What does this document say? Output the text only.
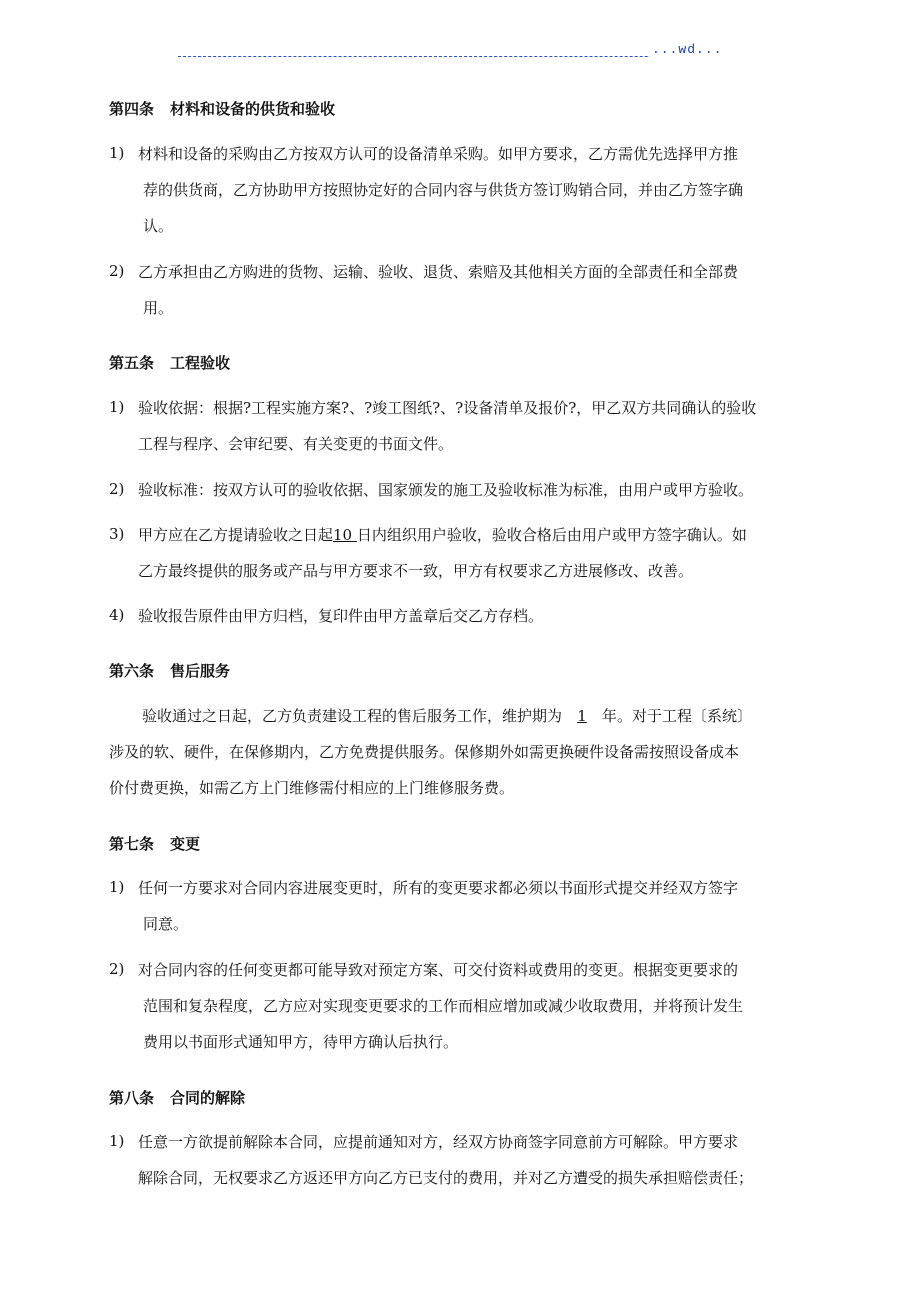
...wd...
第四条 材料和设备的供货和验收
1) 材料和设备的采购由乙方按双方认可的设备清单采购。如甲方要求，乙方需优先选择甲方推
荐的供货商，乙方协助甲方按照协定好的合同内容与供货方签订购销合同，并由乙方签字确
认。
2) 乙方承担由乙方购进的货物、运输、验收、退货、索赔及其他相关方面的全部责任和全部费
用。
第五条 工程验收
1) 验收依据：根据?工程实施方案?、?竣工图纸?、?设备清单及报价?，甲乙双方共同确认的验收
工程与程序、会审纪要、有关变更的书面文件。
2) 验收标准：按双方认可的验收依据、国家颁发的施工及验收标准为标准，由用户或甲方验收。
3) 甲方应在乙方提请验收之日起10 日内组织用户验收，验收合格后由用户或甲方签字确认。如
乙方最终提供的服务或产品与甲方要求不一致，甲方有权要求乙方进展修改、改善。
4) 验收报告原件由甲方归档，复印件由甲方盖章后交乙方存档。
第六条 售后服务
验收通过之日起，乙方负责建设工程的售后服务工作，维护期为 1 年。对于工程〔系统〕
涉及的软、硬件，在保修期内，乙方免费提供服务。保修期外如需更换硬件设备需按照设备成本
价付费更换，如需乙方上门维修需付相应的上门维修服务费。
第七条 变更
1) 任何一方要求对合同内容进展变更时，所有的变更要求都必须以书面形式提交并经双方签字
同意。
2) 对合同内容的任何变更都可能导致对预定方案、可交付资料或费用的变更。根据变更要求的
范围和复杂程度，乙方应对实现变更要求的工作而相应增加或减少收取费用，并将预计发生
费用以书面形式通知甲方，待甲方确认后执行。
第八条 合同的解除
1) 任意一方欲提前解除本合同，应提前通知对方，经双方协商签字同意前方可解除。甲方要求
解除合同，无权要求乙方返还甲方向乙方已支付的费用，并对乙方遭受的损失承担赔偿责任；
